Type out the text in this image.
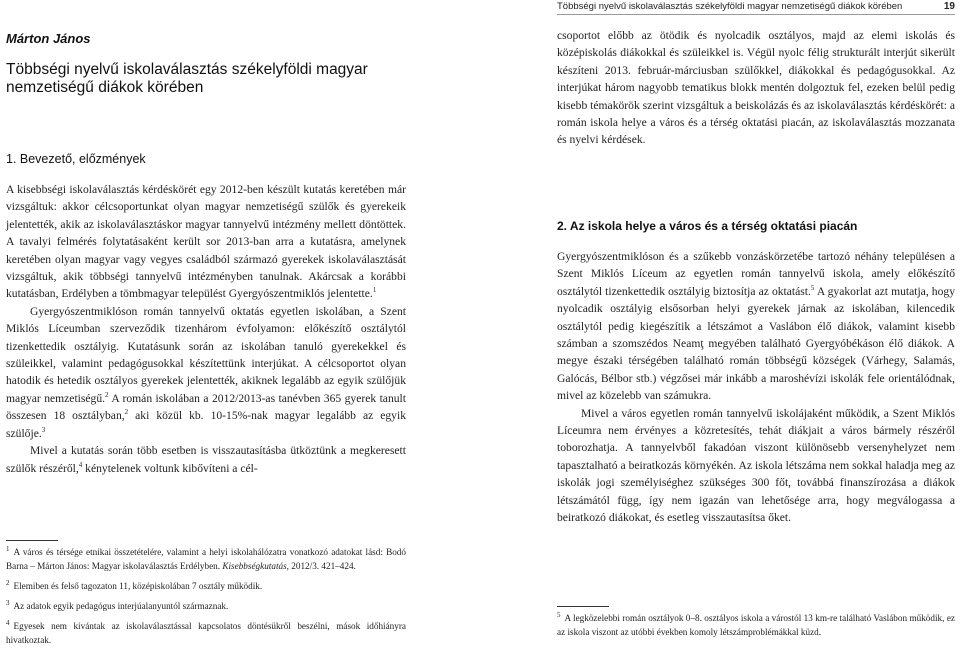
Többségi nyelvű iskolaválasztás székelyföldi magyar nemzetiségű diákok körében	19
Márton János
Többségi nyelvű iskolaválasztás székelyföldi magyar nemzetiségű diákok körében
1. Bevezető, előzmények

A kisebbségi iskolaválasztás kérdéskörét egy 2012-ben készült kutatás keretében már vizsgáltuk: akkor célcsoportunkat olyan magyar nemzetiségű szülők és gyerekeik jelentették, akik az iskolaválasztáskor magyar tannyelvű intézmény mellett döntöttek. A tavalyi felmérés folytatásaként került sor 2013-ban arra a kutatásra, amelynek keretében olyan magyar vagy vegyes családból származó gyerekek iskolaválasztását vizsgáltuk, akik többségi tannyelvű intézményben tanulnak. Akárcsak a korábbi kutatásban, Erdélyben a tömbmagyar települést Gyergyószentmiklós jelentette.$^1$

Gyergyószentmiklóson román tannyelvű oktatás egyetlen iskolában, a Szent Miklós Líceumban szerveződik tizenhárom évfolyamon: előkészítő osztálytól tizenkettedik osztályig. Kutatásunk során az iskolában tanuló gyerekekkel és szüleikkel, valamint pedagógusokkal készítettünk interjúkat. A célcsoportot olyan hatodik és hetedik osztályos gyerekek jelentették, akiknek legalább az egyik szülőjük magyar nemzetiségű.$^2$ A román iskolában a 2012/2013-as tanévben 365 gyerek tanult összesen 18 osztályban,$^2$ aki közül kb. 10-15%-nak magyar legalább az egyik szülője.$^3$

Mivel a kutatás során több esetben is visszautasításba ütköztünk a megkeresett szülők részéről,$^4$ kénytelenek voltunk kibővíteni a cél-

$^1$ A város és térsége etnikai összetételére, valamint a helyi iskolahálózatra vonatkozó adatokat lásd: Bodó Barna – Márton János: Magyar iskolaválasztás Erdélyben. Kisebbségkutatás, 2012/3. 421–424.
$^2$ Elemiben és felső tagozaton 11, középiskolában 7 osztály működik.
$^3$ Az adatok egyik pedagógus interjúalanyuntól származnak.
$^4$ Egyesek nem kívántak az iskolaválasztással kapcsolatos döntésükről beszélni, mások időhiányra hivatkoztak.

csoportot előbb az ötödik és nyolcadik osztályos, majd az elemi iskolás és középiskolás diákokkal és szüleikkel is. Végül nyolc félig strukturált interjút sikerült készíteni 2013. február-márciusban szülőkkel, diákokkal és pedagógusokkal. Az interjúkat három nagyobb tematikus blokk mentén dolgoztuk fel, ezeken belül pedig kisebb témakörök szerint vizsgáltuk a beiskolázás és az iskolaválasztás kérdéskörét: a román iskola helye a város és a térség oktatási piacán, az iskolaválasztás mozzanata és nyelvi kérdések.

2. Az iskola helye a város és a térség oktatási piacán

Gyergyószentmiklóson és a szűkebb vonzáskörzetébe tartozó néhány településen a Szent Miklós Líceum az egyetlen román tannyelvű iskola, amely előkészítő osztálytól tizenkettedik osztályig biztosítja az oktatást.$^5$ A gyakorlat azt mutatja, hogy nyolcadik osztályig elsősorban helyi gyerekek járnak az iskolában, kilencedik osztálytól pedig kiegészítik a létszámot a Vaslábon élő diákok, valamint kisebb számban a szomszédos Neamţ megyében található Gyergyóbékáson élő diákok. A megye északi térségében található román többségű községek (Várhegy, Salamás, Galócás, Bélbor stb.) végzősei már inkább a maroshévízi iskolák fele orientálódnak, mivel az közelebb van számukra.

Mivel a város egyetlen román tannyelvű iskolájaként működik, a Szent Miklós Líceumra nem érvényes a közretesítés, tehát diákjait a város bármely részéről toborozhatja. A tannyelvből fakadóan viszont különösebb versenyhelyzet nem tapasztalható a beiratkozás környékén. Az iskola létszáma nem sokkal haladja meg az iskolák jogi személyiséghez szükséges 300 főt, továbbá finanszírozása a diákok létszámától függ, így nem igazán van lehetősége arra, hogy megválogassa a beiratkozó diákokat, és esetleg visszautasítsa őket.

$^5$ A legközelebbi román osztályok 0–8. osztályos iskola a várostól 13 km-re található Vaslábon működik, ez az iskola viszont az utóbbi években komoly létszámproblémákkal küzd.
